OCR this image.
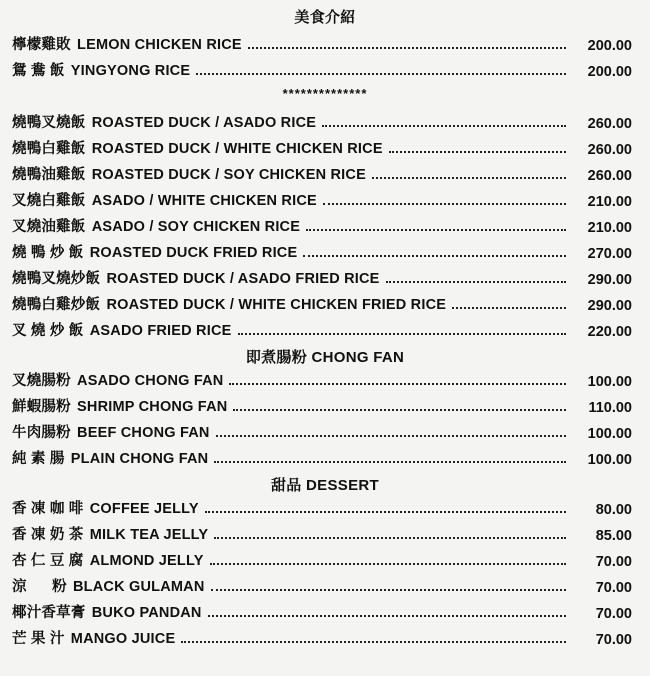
美食介紹
檸檬雞敗 LEMON CHICKEN RICE	200.00
鴛 鴦 飯 YINGYONG RICE	200.00
**************
燒鴨叉燒飯 ROASTED DUCK / ASADO RICE	260.00
燒鴨白雞飯 ROASTED DUCK / WHITE CHICKEN RICE	260.00
燒鴨油雞飯 ROASTED DUCK / SOY CHICKEN RICE	260.00
叉燒白雞飯 ASADO / WHITE CHICKEN RICE	210.00
叉燒油雞飯 ASADO / SOY CHICKEN RICE	210.00
燒 鴨 炒 飯 ROASTED DUCK FRIED RICE	270.00
燒鴨叉燒炒飯 ROASTED DUCK / ASADO FRIED RICE	290.00
燒鴨白雞炒飯 ROASTED DUCK / WHITE CHICKEN FRIED RICE	290.00
叉 燒 炒 飯 ASADO FRIED RICE	220.00
即煮腸粉 CHONG FAN
叉燒腸粉 ASADO CHONG FAN	100.00
鮮蝦腸粉 SHRIMP CHONG FAN	110.00
牛肉腸粉 BEEF CHONG FAN	100.00
純 素 腸 PLAIN CHONG FAN	100.00
甜品 DESSERT
香 凍 咖 啡 COFFEE JELLY	80.00
香 凍 奶 茶 MILK TEA JELLY	85.00
杏 仁 豆 腐 ALMOND JELLY	70.00
涼      粉 BLACK GULAMAN	70.00
椰汁香草膏 BUKO PANDAN	70.00
芒 果 汁 MANGO JUICE	70.00
